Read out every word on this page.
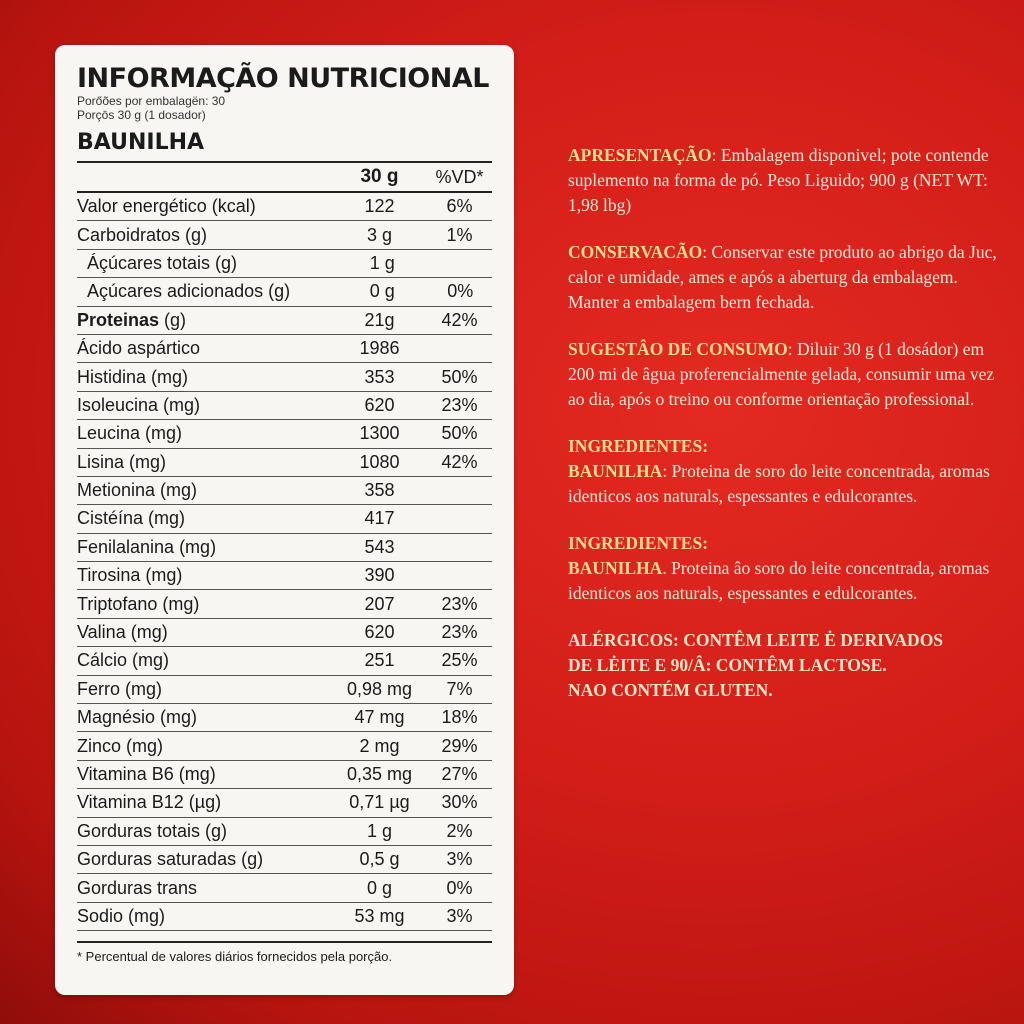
INFORMAÇÃO NUTRICIONAL
Porőões por embalagën: 30
Porçōs 30 g (1 dosador)
BAUNILHA
30 g	%VD*
Valor energético (kcal)	122	6%
Carboidratos (g)	3 g	1%
Áçúcares totais (g)	1 g
Açúcares adicionados (g)	0 g	0%
Proteinas (g)	21g	42%
Ácido aspártico	1986
Histidina (mg)	353	50%
Isoleucina (mg)	620	23%
Leucina (mg)	1300	50%
Lisina (mg)	1080	42%
Metionina (mg)	358
Cistéína (mg)	417
Fenilalanina (mg)	543
Tirosina (mg)	390
Triptofano (mg)	207	23%
Valina (mg)	620	23%
Cálcio (mg)	251	25%
Ferro (mg)	0,98 mg	7%
Magnésio (mg)	47 mg	18%
Zinco (mg)	2 mg	29%
Vitamina B6 (mg)	0,35 mg	27%
Vitamina B12 (µg)	0,71 µg	30%
Gorduras totais (g)	1 g	2%
Gorduras saturadas (g)	0,5 g	3%
Gorduras trans	0 g	0%
Sodio (mg)	53 mg	3%
* Percentual de valores diários fornecidos pela porção.

APRESENTAÇÃO: Embalagem disponivel; pote contende suplemento na forma de pó. Peso Liguido; 900 g (NET WT: 1,98 lbg)

CONSERVACÃO: Conservar este produto ao abrigo da Juc, calor e umidade, ames e após a aberturg da embalagem. Manter a embalagem bern fechada.

SUGESTÂO DE CONSUMO: Diluir 30 g (1 dosádor) em 200 mi de âgua proferencialmente gelada, consumir uma vez ao dia, após o treino ou conforme orientação professional.

INGREDIENTES:
BAUNILHA: Proteina de soro do leite concentrada, aromas identicos aos naturals, espessantes e edulcorantes.

INGREDIENTES:
BAUNILHA. Proteina âo soro do leite concentrada, aromas identicos aos naturals, espessantes e edulcorantes.

ALÉRGICOS: CONTÊM LEITE Ė DERIVADOS
DE LĖITE E 90/Â: CONTÊM LACTOSE.
NAO CONTÉM GLUTEN.
